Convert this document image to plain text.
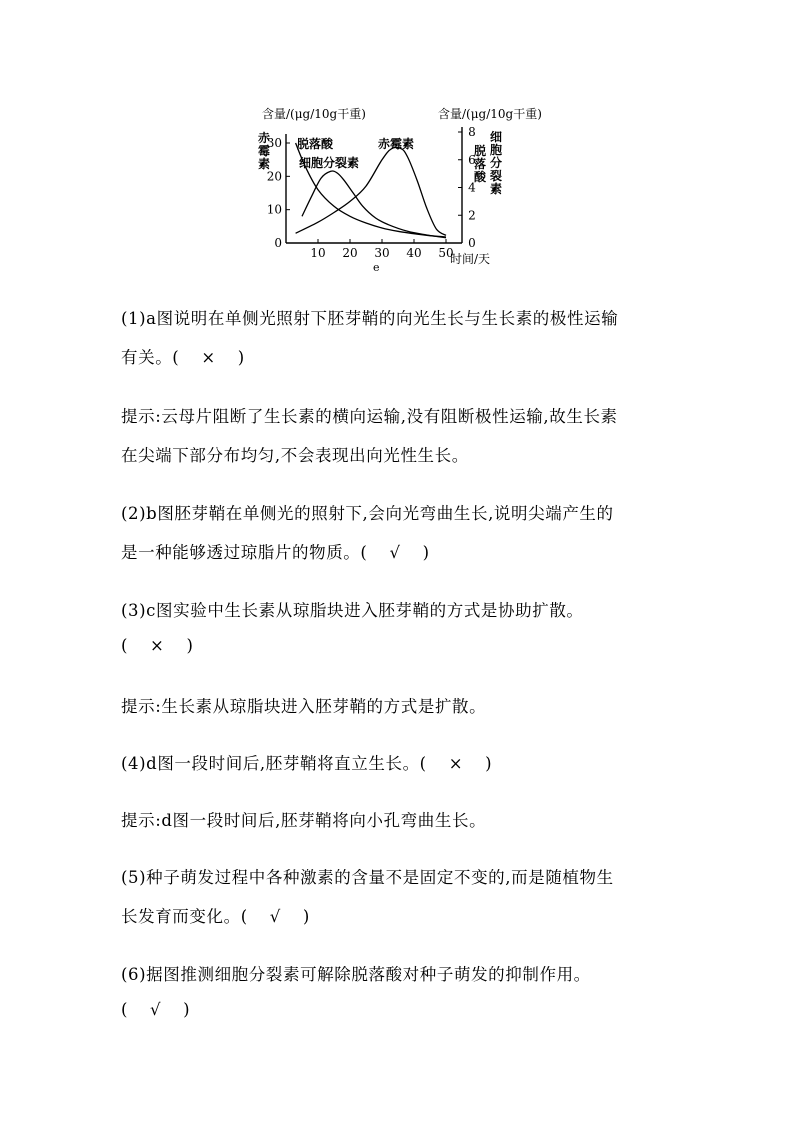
含量/(μg/10g干重)	含量/(μg/10g干重)
时间/天
e
赤霉素
细胞分裂素
脱落酸
10 20 30 40 50
0
10
20
30
0
2
4
6
8
脱落酸
细胞分裂素
赤霉素
(1)a图说明在单侧光照射下胚芽鞘的向光生长与生长素的极性运输
有关。( × )
提示:云母片阻断了生长素的横向运输,没有阻断极性运输,故生长素
在尖端下部分布均匀,不会表现出向光性生长。
(2)b图胚芽鞘在单侧光的照射下,会向光弯曲生长,说明尖端产生的
是一种能够透过琼脂片的物质。( √ )
(3)c图实验中生长素从琼脂块进入胚芽鞘的方式是协助扩散。
( × )
提示:生长素从琼脂块进入胚芽鞘的方式是扩散。
(4)d图一段时间后,胚芽鞘将直立生长。( × )
提示:d图一段时间后,胚芽鞘将向小孔弯曲生长。
(5)种子萌发过程中各种激素的含量不是固定不变的,而是随植物生
长发育而变化。( √ )
(6)据图推测细胞分裂素可解除脱落酸对种子萌发的抑制作用。
( √ )
